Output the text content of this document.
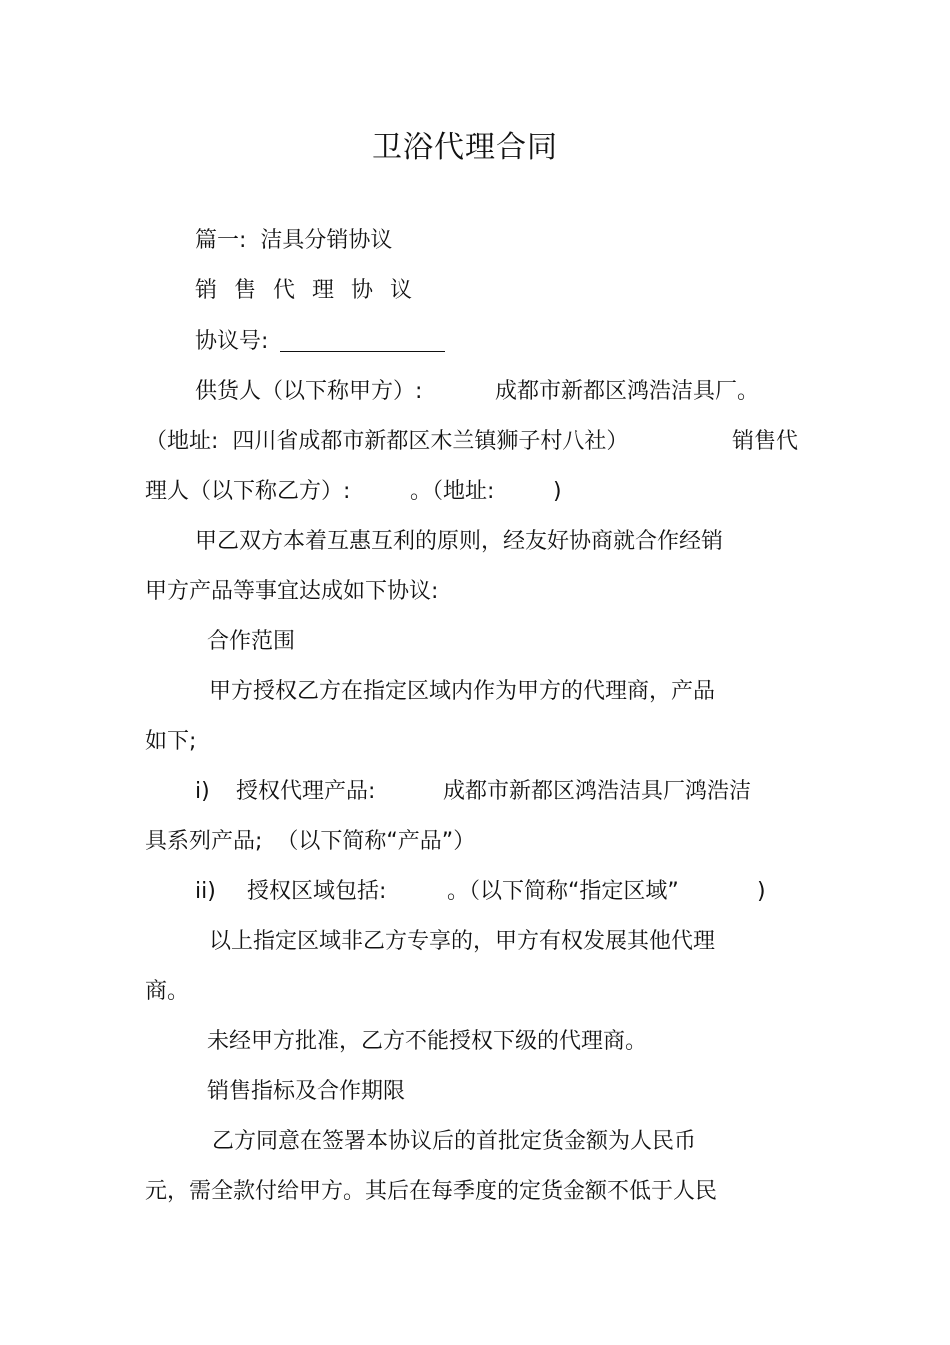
卫浴代理合同
篇一:  洁具分销协议
销售代理协议
协议号:
供货人（以下称甲方）:	成都市新都区鸿浩洁具厂。
（地址:  四川省成都市新都区木兰镇狮子村八社）	销售代
理人（以下称乙方）:	。（地址:	)
甲乙双方本着互惠互利的原则，经友好协商就合作经销
甲方产品等事宜达成如下协议:
合作范围
甲方授权乙方在指定区域内作为甲方的代理商，产品
如下;
i) 授权代理产品:	成都市新都区鸿浩洁具厂鸿浩洁
具系列产品;  （以下简称“产品”）
ii) 授权区域包括:	。（以下简称“指定区域”	)
以上指定区域非乙方专享的，甲方有权发展其他代理
商。
未经甲方批准，乙方不能授权下级的代理商。
销售指标及合作期限
乙方同意在签署本协议后的首批定货金额为人民币
元，需全款付给甲方。其后在每季度的定货金额不低于人民
